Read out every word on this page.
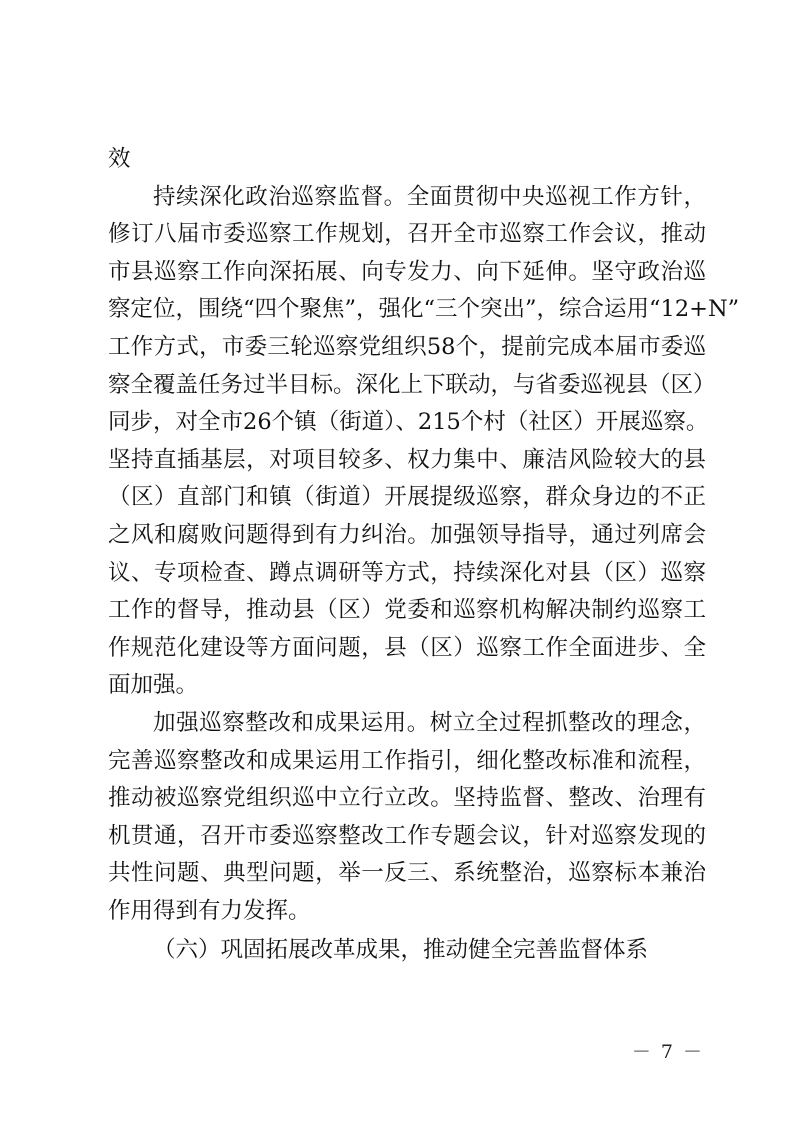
效
持续深化政治巡察监督。全面贯彻中央巡视工作方针，
修订八届市委巡察工作规划，召开全市巡察工作会议，推动
市县巡察工作向深拓展、向专发力、向下延伸。坚守政治巡
察定位，围绕“四个聚焦”，强化“三个突出”，综合运用“12+N”
工作方式，市委三轮巡察党组织58个，提前完成本届市委巡
察全覆盖任务过半目标。深化上下联动，与省委巡视县（区）
同步，对全市26个镇（街道）、215个村（社区）开展巡察。
坚持直插基层，对项目较多、权力集中、廉洁风险较大的县
（区）直部门和镇（街道）开展提级巡察，群众身边的不正
之风和腐败问题得到有力纠治。加强领导指导，通过列席会
议、专项检查、蹲点调研等方式，持续深化对县（区）巡察
工作的督导，推动县（区）党委和巡察机构解决制约巡察工
作规范化建设等方面问题，县（区）巡察工作全面进步、全
面加强。
加强巡察整改和成果运用。树立全过程抓整改的理念，
完善巡察整改和成果运用工作指引，细化整改标准和流程，
推动被巡察党组织巡中立行立改。坚持监督、整改、治理有
机贯通，召开市委巡察整改工作专题会议，针对巡察发现的
共性问题、典型问题，举一反三、系统整治，巡察标本兼治
作用得到有力发挥。
（六）巩固拓展改革成果，推动健全完善监督体系
－ 7 －
